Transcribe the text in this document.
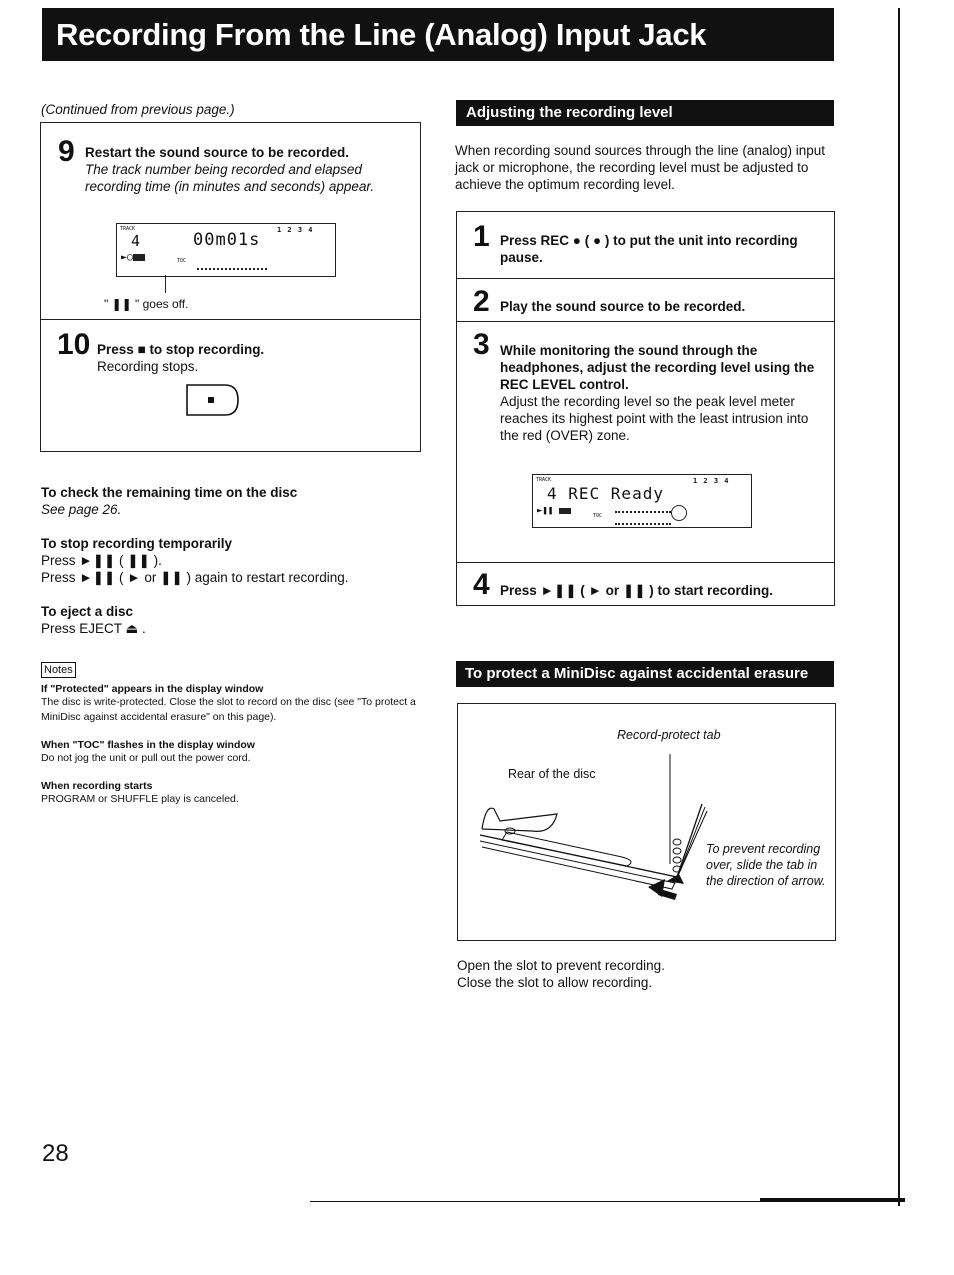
Recording From the Line (Analog) Input Jack
(Continued from previous page.)
9 Restart the sound source to be recorded.
The track number being recorded and elapsed recording time (in minutes and seconds) appear.
TRACK
4	00m01s 1 2 3 4
►◯	TOC
" ❚❚ " goes off.
10 Press ■ to stop recording.
Recording stops.
To check the remaining time on the disc
See page 26.
To stop recording temporarily
Press ►❚❚ ( ❚❚ ).
Press ►❚❚ ( ► or ❚❚ ) again to restart recording.
To eject a disc
Press EJECT ⏏ .
Notes
If "Protected" appears in the display window
The disc is write-protected. Close the slot to record on the disc (see "To protect a MiniDisc against accidental erasure" on this page).
When "TOC" flashes in the display window
Do not jog the unit or pull out the power cord.
When recording starts
PROGRAM or SHUFFLE play is canceled.
Adjusting the recording level
When recording sound sources through the line (analog) input jack or microphone, the recording level must be adjusted to achieve the optimum recording level.
1 Press REC ● ( ● ) to put the unit into recording pause.
2 Play the sound source to be recorded.
3 While monitoring the sound through the headphones, adjust the recording level using the REC LEVEL control.
Adjust the recording level so the peak level meter reaches its highest point with the least intrusion into the red (OVER) zone.
TRACK
4 REC Ready
1 2 3 4
►❚❚	TOC
4 Press ►❚❚ ( ► or ❚❚ ) to start recording.
To protect a MiniDisc against accidental erasure
Record-protect tab
Rear of the disc
To prevent recording over, slide the tab in the direction of arrow.
Open the slot to prevent recording.
Close the slot to allow recording.
28
